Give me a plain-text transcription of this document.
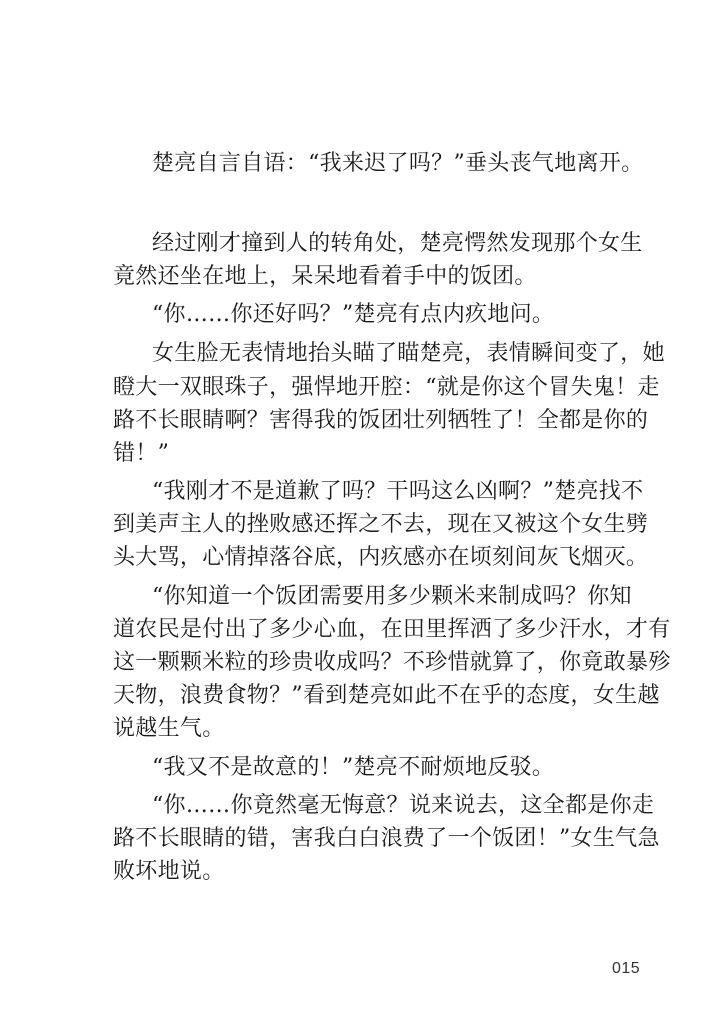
楚亮自言自语：“我来迟了吗？”垂头丧气地离开。
经过刚才撞到人的转角处，楚亮愕然发现那个女生
竟然还坐在地上，呆呆地看着手中的饭团。
“你……你还好吗？”楚亮有点内疚地问。
女生脸无表情地抬头瞄了瞄楚亮，表情瞬间变了，她
瞪大一双眼珠子，强悍地开腔：“就是你这个冒失鬼！走
路不长眼睛啊？害得我的饭团壮列牺牲了！全都是你的
错！”
“我刚才不是道歉了吗？干吗这么凶啊？”楚亮找不
到美声主人的挫败感还挥之不去，现在又被这个女生劈
头大骂，心情掉落谷底，内疚感亦在顷刻间灰飞烟灭。
“你知道一个饭团需要用多少颗米来制成吗？你知
道农民是付出了多少心血，在田里挥洒了多少汗水，才有
这一颗颗米粒的珍贵收成吗？不珍惜就算了，你竟敢暴殄
天物，浪费食物？”看到楚亮如此不在乎的态度，女生越
说越生气。
“我又不是故意的！”楚亮不耐烦地反驳。
“你……你竟然毫无悔意？说来说去，这全都是你走
路不长眼睛的错，害我白白浪费了一个饭团！”女生气急
败坏地说。
015
